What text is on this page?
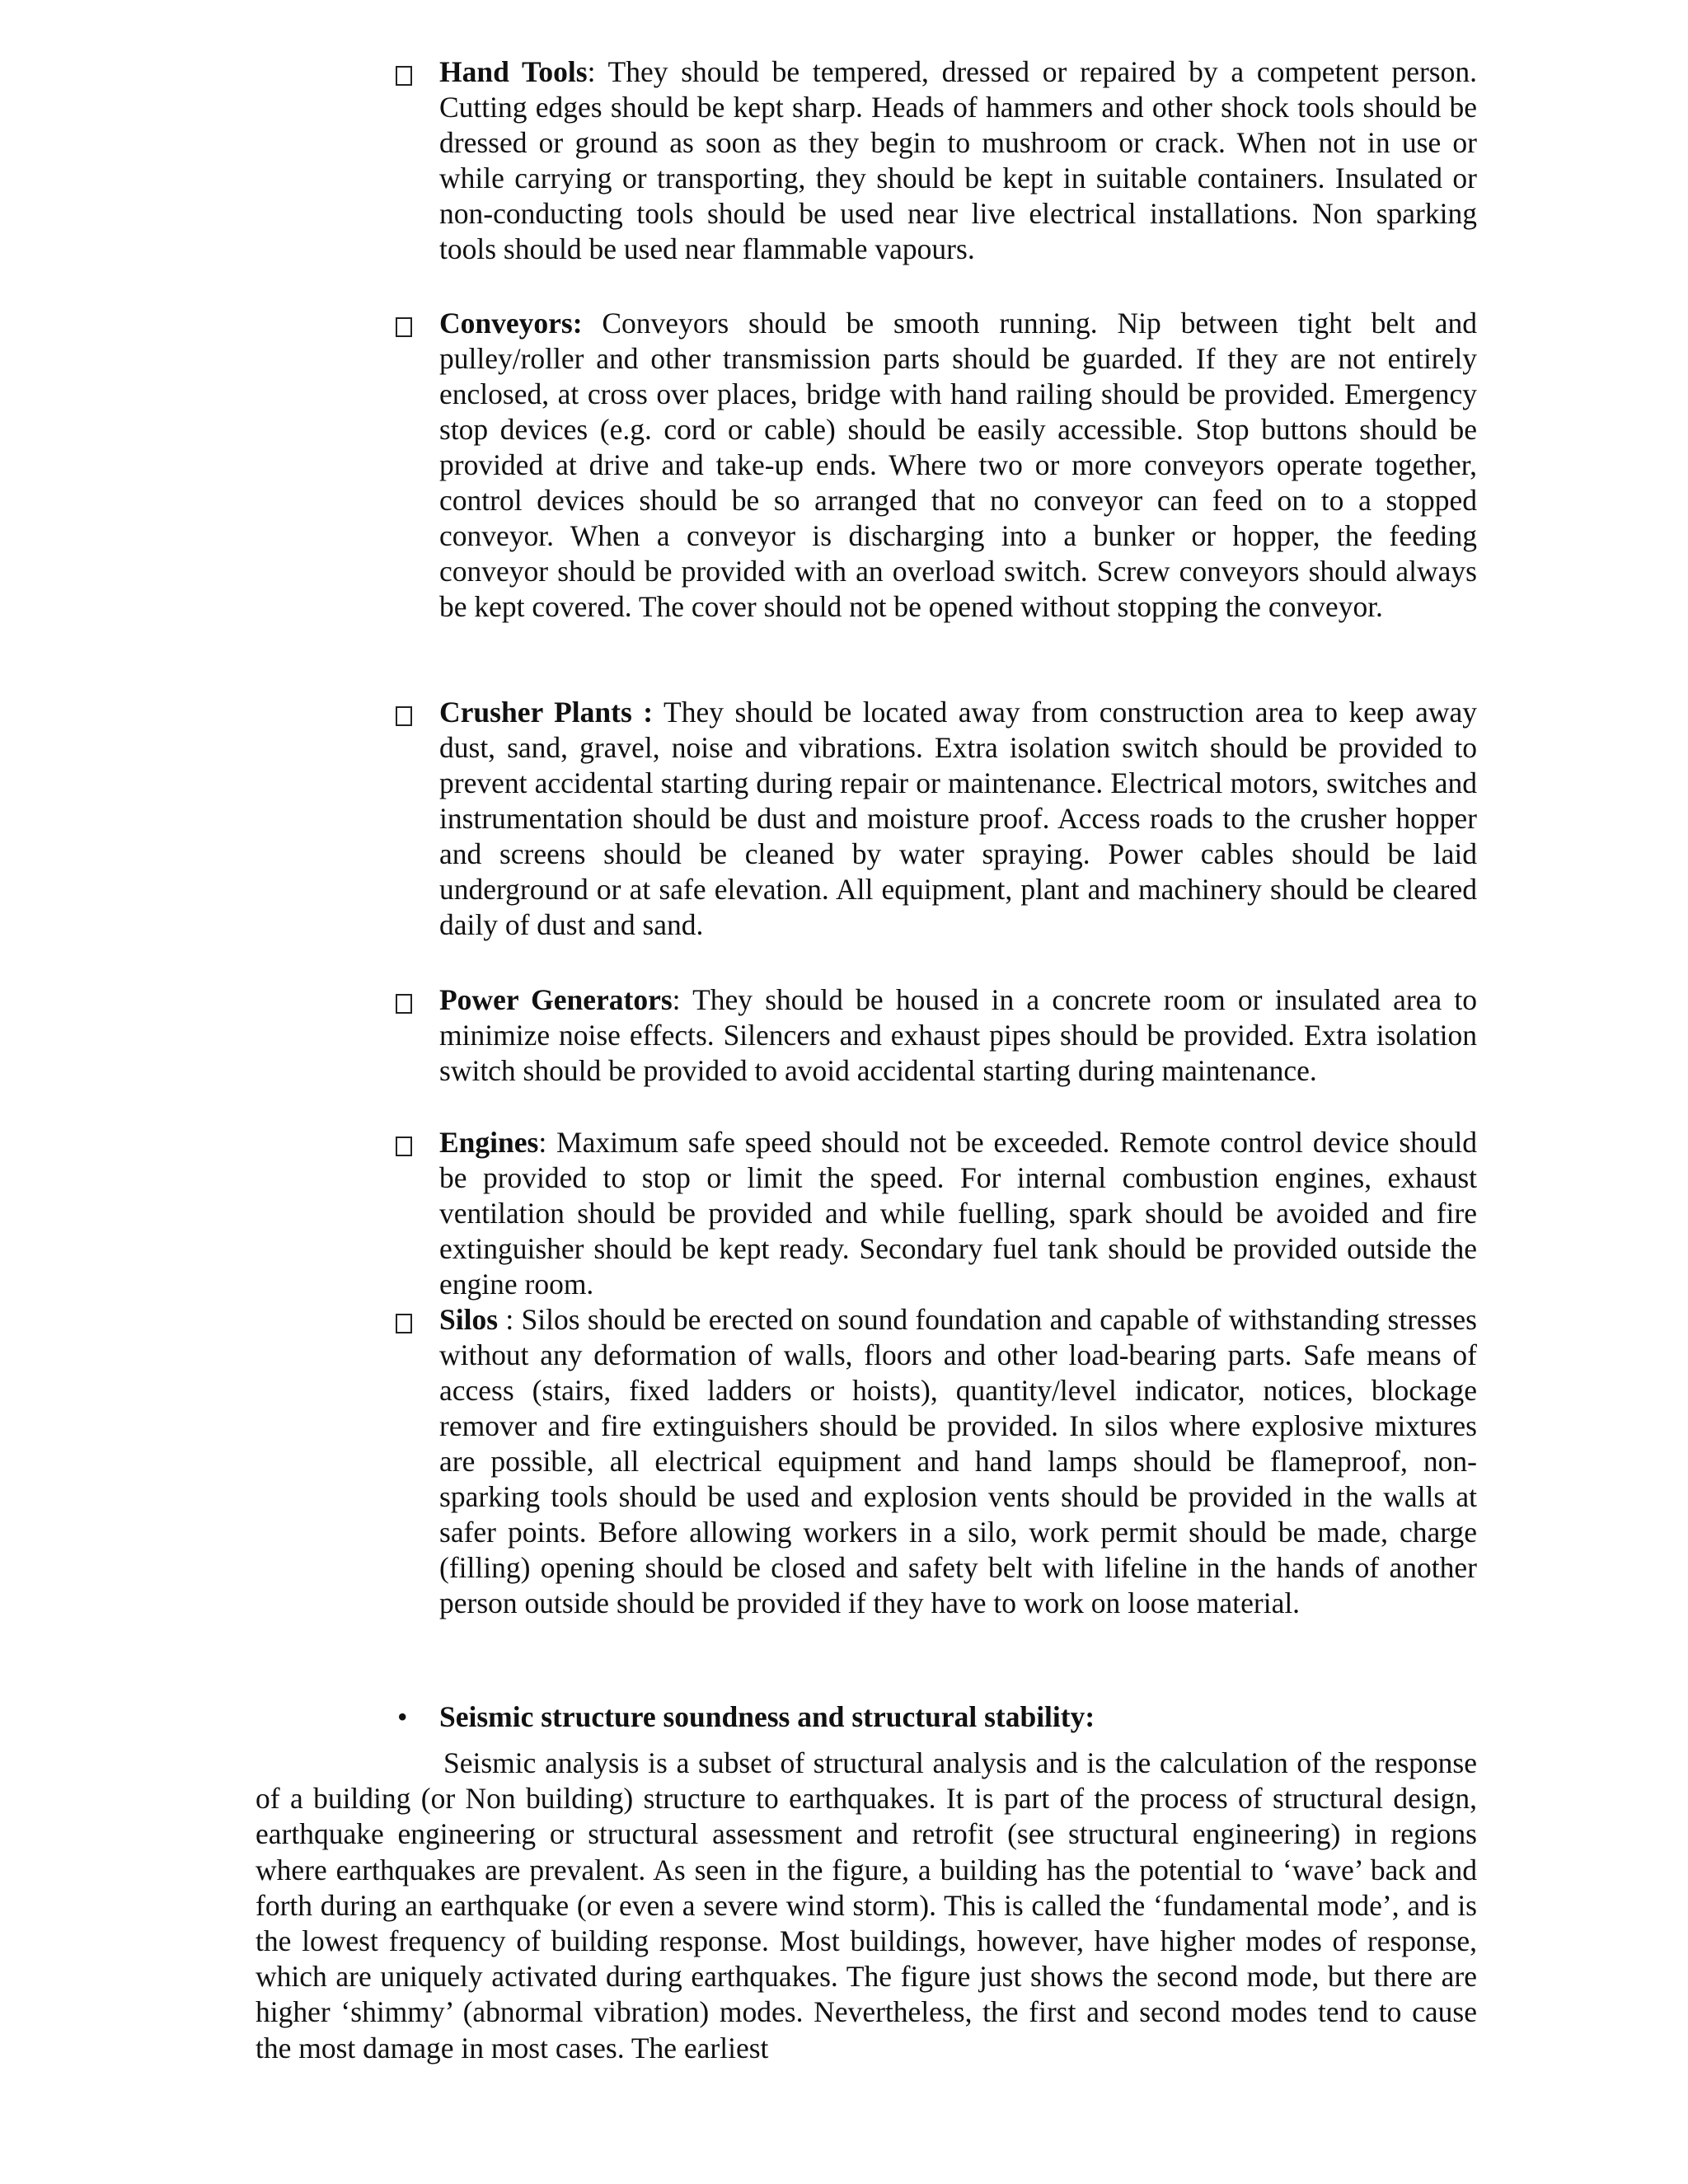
Hand Tools: They should be tempered, dressed or repaired by a competent person. Cutting edges should be kept sharp. Heads of hammers and other shock tools should be dressed or ground as soon as they begin to mushroom or crack. When not in use or while carrying or transporting, they should be kept in suitable containers. Insulated or non-conducting tools should be used near live electrical installations. Non sparking tools should be used near flammable vapours.
Conveyors: Conveyors should be smooth running. Nip between tight belt and pulley/roller and other transmission parts should be guarded. If they are not entirely enclosed, at cross over places, bridge with hand railing should be provided. Emergency stop devices (e.g. cord or cable) should be easily accessible. Stop buttons should be provided at drive and take-up ends. Where two or more conveyors operate together, control devices should be so arranged that no conveyor can feed on to a stopped conveyor. When a conveyor is discharging into a bunker or hopper, the feeding conveyor should be provided with an overload switch. Screw conveyors should always be kept covered. The cover should not be opened without stopping the conveyor.
Crusher Plants : They should be located away from construction area to keep away dust, sand, gravel, noise and vibrations. Extra isolation switch should be provided to prevent accidental starting during repair or maintenance. Electrical motors, switches and instrumentation should be dust and moisture proof. Access roads to the crusher hopper and screens should be cleaned by water spraying. Power cables should be laid underground or at safe elevation. All equipment, plant and machinery should be cleared daily of dust and sand.
Power Generators: They should be housed in a concrete room or insulated area to minimize noise effects. Silencers and exhaust pipes should be provided. Extra isolation switch should be provided to avoid accidental starting during maintenance.
Engines: Maximum safe speed should not be exceeded. Remote control device should be provided to stop or limit the speed. For internal combustion engines, exhaust ventilation should be provided and while fuelling, spark should be avoided and fire extinguisher should be kept ready. Secondary fuel tank should be provided outside the engine room.
Silos : Silos should be erected on sound foundation and capable of withstanding stresses without any deformation of walls, floors and other load-bearing parts. Safe means of access (stairs, fixed ladders or hoists), quantity/level indicator, notices, blockage remover and fire extinguishers should be provided. In silos where explosive mixtures are possible, all electrical equipment and hand lamps should be flameproof, non-sparking tools should be used and explosion vents should be provided in the walls at safer points. Before allowing workers in a silo, work permit should be made, charge (filling) opening should be closed and safety belt with lifeline in the hands of another person outside should be provided if they have to work on loose material.
• Seismic structure soundness and structural stability:
Seismic analysis is a subset of structural analysis and is the calculation of the response of a building (or Non building) structure to earthquakes. It is part of the process of structural design, earthquake engineering or structural assessment and retrofit (see structural engineering) in regions where earthquakes are prevalent. As seen in the figure, a building has the potential to ‘wave’ back and forth during an earthquake (or even a severe wind storm). This is called the ‘fundamental mode’, and is the lowest frequency of building response. Most buildings, however, have higher modes of response, which are uniquely activated during earthquakes. The figure just shows the second mode, but there are higher ‘shimmy’ (abnormal vibration) modes. Nevertheless, the first and second modes tend to cause the most damage in most cases. The earliest
